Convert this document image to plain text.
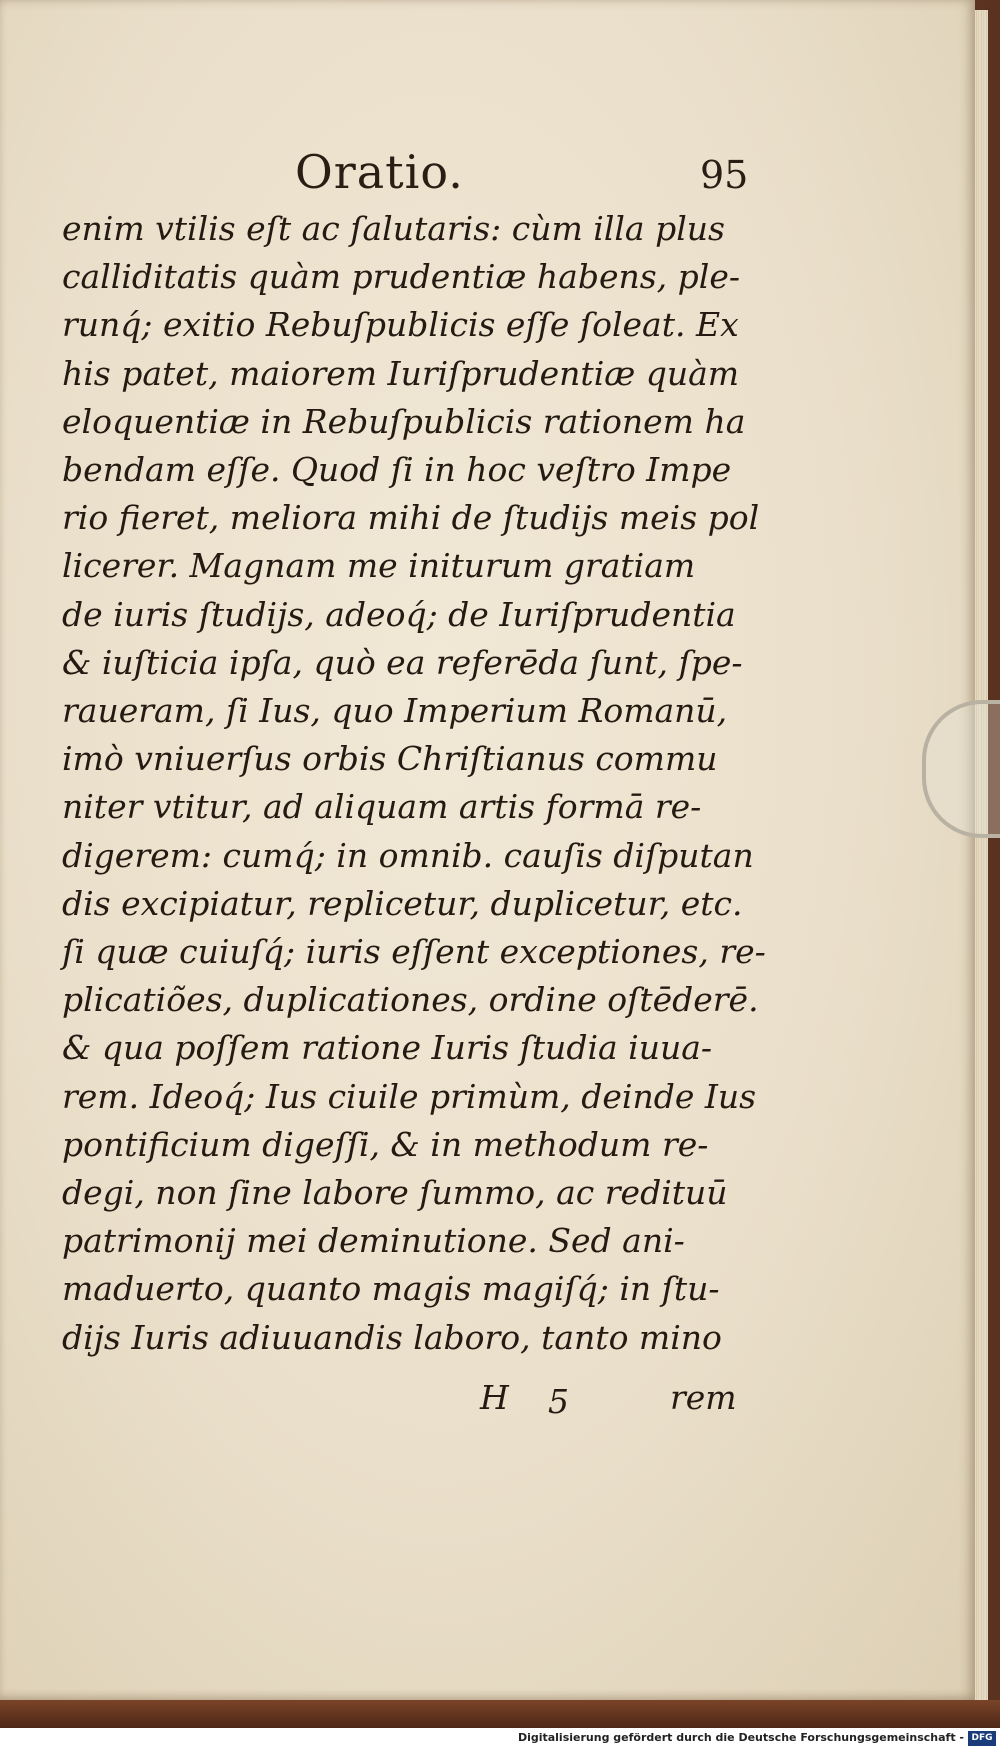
Oratio.	95
enim vtilis eſt ac ſalutaris: cùm illa plus
calliditatis quàm prudentiæ habens, ple-
runq́; exitio Rebuſpublicis eſſe ſoleat. Ex
his patet, maiorem Iuriſprudentiæ quàm
eloquentiæ in Rebuſpublicis rationem ha
bendam eſſe. Quod ſi in hoc veſtro Impe
rio fieret, meliora mihi de ſtudijs meis pol
licerer. Magnam me initurum gratiam
de iuris ſtudijs, adeoq́; de Iuriſprudentia
& iuſticia ipſa, quò ea referēda ſunt, ſpe-
raueram, ſi Ius, quo Imperium Romanū,
imò vniuerſus orbis Chriſtianus commu
niter vtitur, ad aliquam artis formā re-
digerem: cumq́; in omnib. cauſis diſputan
dis excipiatur, replicetur, duplicetur, etc.
ſi quæ cuiuſq́; iuris eſſent exceptiones, re-
plicatiões, duplicationes, ordine oſtēderē.
& qua poſſem ratione Iuris ſtudia iuua-
rem. Ideoq́; Ius ciuile primùm, deinde Ius
pontificium digeſſi, & in methodum re-
degi, non ſine labore ſummo, ac redituū
patrimonij mei deminutione. Sed ani-
maduerto, quanto magis magiſq́; in ſtu-
dijs Iuris adiuuandis laboro, tanto mino
H 5	rem
Digitalisierung gefördert durch die Deutsche Forschungsgemeinschaft - DFG
